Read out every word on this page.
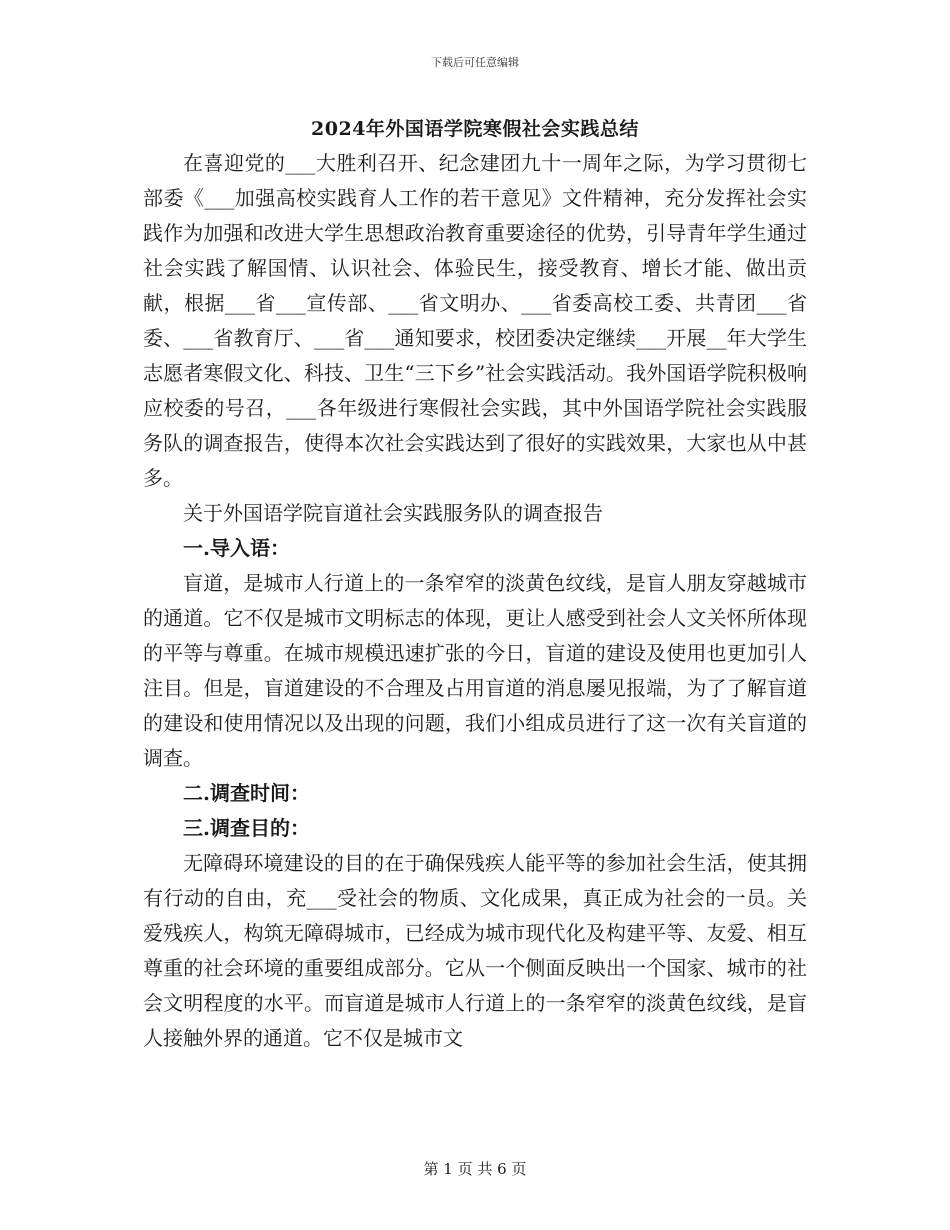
下载后可任意编辑
2024年外国语学院寒假社会实践总结

在喜迎党的___大胜利召开、纪念建团九十一周年之际，为学习贯彻七部委《___加强高校实践育人工作的若干意见》文件精神，充分发挥社会实践作为加强和改进大学生思想政治教育重要途径的优势，引导青年学生通过社会实践了解国情、认识社会、体验民生，接受教育、增长才能、做出贡献，根据___省___宣传部、___省文明办、___省委高校工委、共青团___省委、___省教育厅、___省___通知要求，校团委决定继续___开展__年大学生志愿者寒假文化、科技、卫生“三下乡”社会实践活动。我外国语学院积极响应校委的号召，___各年级进行寒假社会实践，其中外国语学院社会实践服务队的调查报告，使得本次社会实践达到了很好的实践效果，大家也从中甚多。

关于外国语学院盲道社会实践服务队的调查报告

一.导入语：

盲道，是城市人行道上的一条窄窄的淡黄色纹线，是盲人朋友穿越城市的通道。它不仅是城市文明标志的体现，更让人感受到社会人文关怀所体现的平等与尊重。在城市规模迅速扩张的今日，盲道的建设及使用也更加引人注目。但是，盲道建设的不合理及占用盲道的消息屡见报端，为了了解盲道的建设和使用情况以及出现的问题，我们小组成员进行了这一次有关盲道的调查。

二.调查时间：

三.调查目的：

无障碍环境建设的目的在于确保残疾人能平等的参加社会生活，使其拥有行动的自由，充___受社会的物质、文化成果，真正成为社会的一员。关爱残疾人，构筑无障碍城市，已经成为城市现代化及构建平等、友爱、相互尊重的社会环境的重要组成部分。它从一个侧面反映出一个国家、城市的社会文明程度的水平。而盲道是城市人行道上的一条窄窄的淡黄色纹线，是盲人接触外界的通道。它不仅是城市文

第 1 页 共 6 页
